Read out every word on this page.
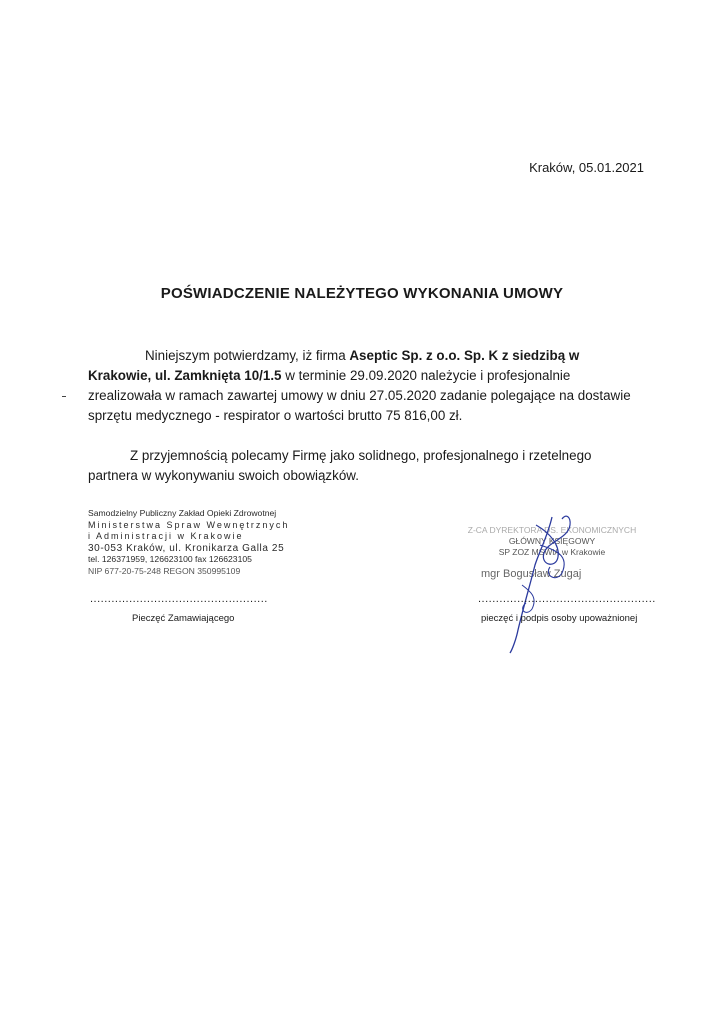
Kraków, 05.01.2021
POŚWIADCZENIE NALEŻYTEGO WYKONANIA UMOWY

Niniejszym potwierdzamy, iż firma Aseptic Sp. z o.o. Sp. K z siedzibą w Krakowie, ul. Zamknięta 10/1.5 w terminie 29.09.2020 należycie i profesjonalnie zrealizowała w ramach zawartej umowy w dniu 27.05.2020 zadanie polegające na dostawie sprzętu medycznego - respirator o wartości brutto 75 816,00 zł.

Z przyjemnością polecamy Firmę jako solidnego, profesjonalnego i rzetelnego partnera w wykonywaniu swoich obowiązków.

Samodzielny Publiczny Zakład Opieki Zdrowotnej
Ministerstwa Spraw Wewnętrznych
i Administracji w Krakowie
30-053 Kraków, ul. Kronikarza Galla 25
tel. 126371959, 126623100 fax 126623105
NIP 677-20-75-248 REGON 350995109
..................................................
Pieczęć Zamawiającego
Z-CA DYREKTORA DS. EKONOMICZNYCH
GŁÓWNY KSIĘGOWY
SP ZOZ MSWiA w Krakowie
mgr Bogusław Zugaj
..................................................
pieczęć i podpis osoby upoważnionej
